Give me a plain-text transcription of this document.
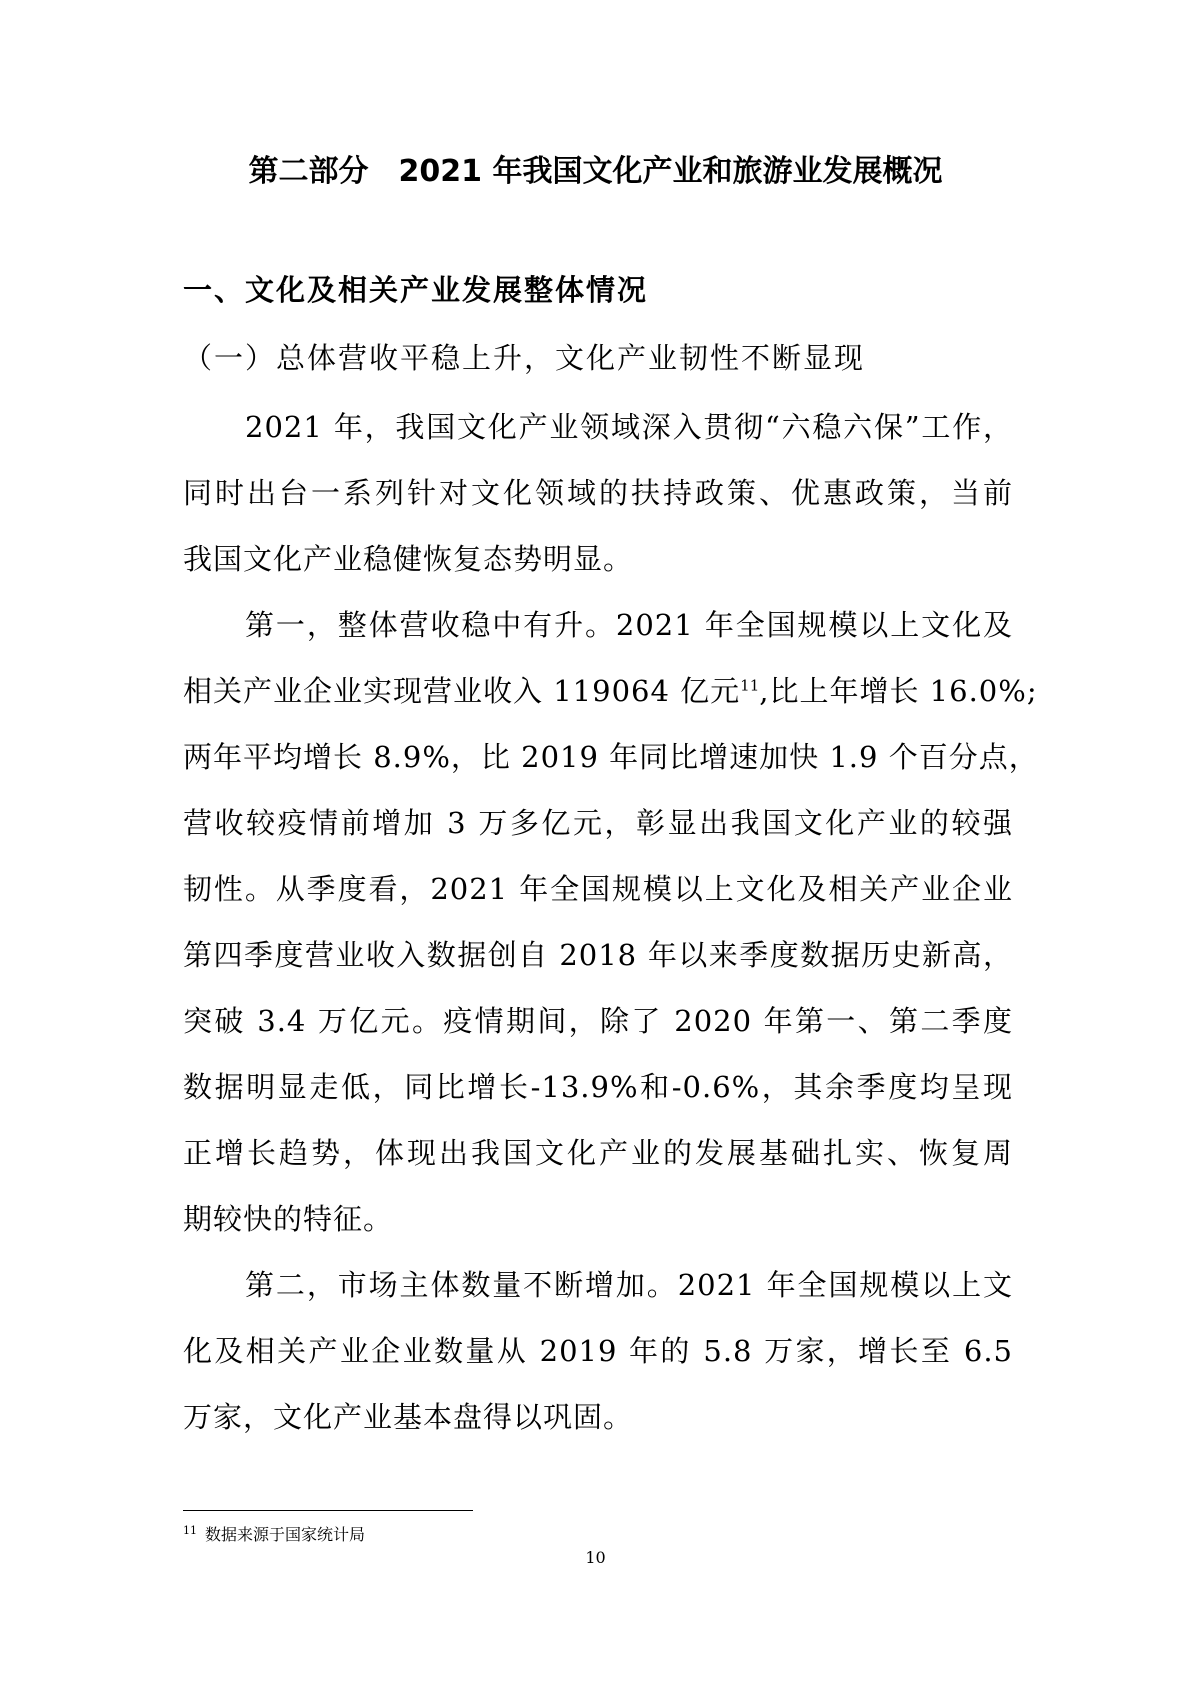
第二部分 2021 年我国文化产业和旅游业发展概况
一、文化及相关产业发展整体情况
（一）总体营收平稳上升，文化产业韧性不断显现
2021 年，我国文化产业领域深入贯彻“六稳六保”工作，
同时出台一系列针对文化领域的扶持政策、优惠政策，当前
我国文化产业稳健恢复态势明显。
第一，整体营收稳中有升。2021 年全国规模以上文化及
相关产业企业实现营业收入 119064 亿元$^{11}$,比上年增长 16.0%;
两年平均增长 8.9%，比 2019 年同比增速加快 1.9 个百分点，
营收较疫情前增加 3 万多亿元，彰显出我国文化产业的较强
韧性。从季度看，2021 年全国规模以上文化及相关产业企业
第四季度营业收入数据创自 2018 年以来季度数据历史新高，
突破 3.4 万亿元。疫情期间，除了 2020 年第一、第二季度
数据明显走低，同比增长-13.9%和-0.6%，其余季度均呈现
正增长趋势，体现出我国文化产业的发展基础扎实、恢复周
期较快的特征。
第二，市场主体数量不断增加。2021 年全国规模以上文
化及相关产业企业数量从 2019 年的 5.8 万家，增长至 6.5
万家，文化产业基本盘得以巩固。
$^{11}$ 数据来源于国家统计局
10
